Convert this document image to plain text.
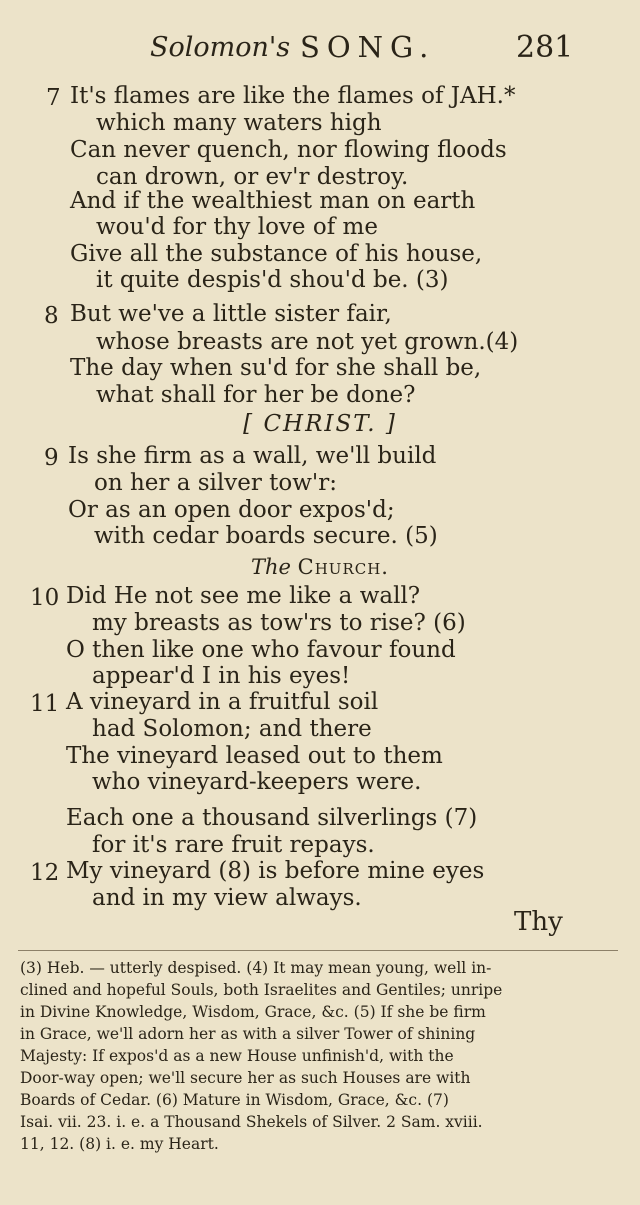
Solomon's SONG.	281
7 It's flames are like the flames of JAH.*
which many waters high
Can never quench, nor flowing floods
can drown, or ev'r destroy.
And if the wealthiest man on earth
wou'd for thy love of me
Give all the substance of his house,
it quite despis'd shou'd be. (3)
8 But we've a little sister fair,
whose breasts are not yet grown.(4)
The day when su'd for she shall be,
what shall for her be done?
[ CHRIST. ]
9 Is she firm as a wall, we'll build
on her a silver tow'r:
Or as an open door expos'd;
with cedar boards secure. (5)
The Church.
10 Did He not see me like a wall?
my breasts as tow'rs to rise? (6)
O then like one who favour found
appear'd I in his eyes!
11 A vineyard in a fruitful soil
had Solomon; and there
The vineyard leased out to them
who vineyard-keepers were.
Each one a thousand silverlings (7)
for it's rare fruit repays.
12 My vineyard (8) is before mine eyes
and in my view always.
Thy
(3) Heb. — utterly despised. (4) It may mean young, well in-
clined and hopeful Souls, both Israelites and Gentiles; unripe
in Divine Knowledge, Wisdom, Grace, &c. (5) If she be firm
in Grace, we'll adorn her as with a silver Tower of shining
Majesty: If expos'd as a new House unfinish'd, with the
Door-way open; we'll secure her as such Houses are with
Boards of Cedar. (6) Mature in Wisdom, Grace, &c. (7)
Isai. vii. 23. i. e. a Thousand Shekels of Silver. 2 Sam. xviii.
11, 12. (8) i. e. my Heart.
